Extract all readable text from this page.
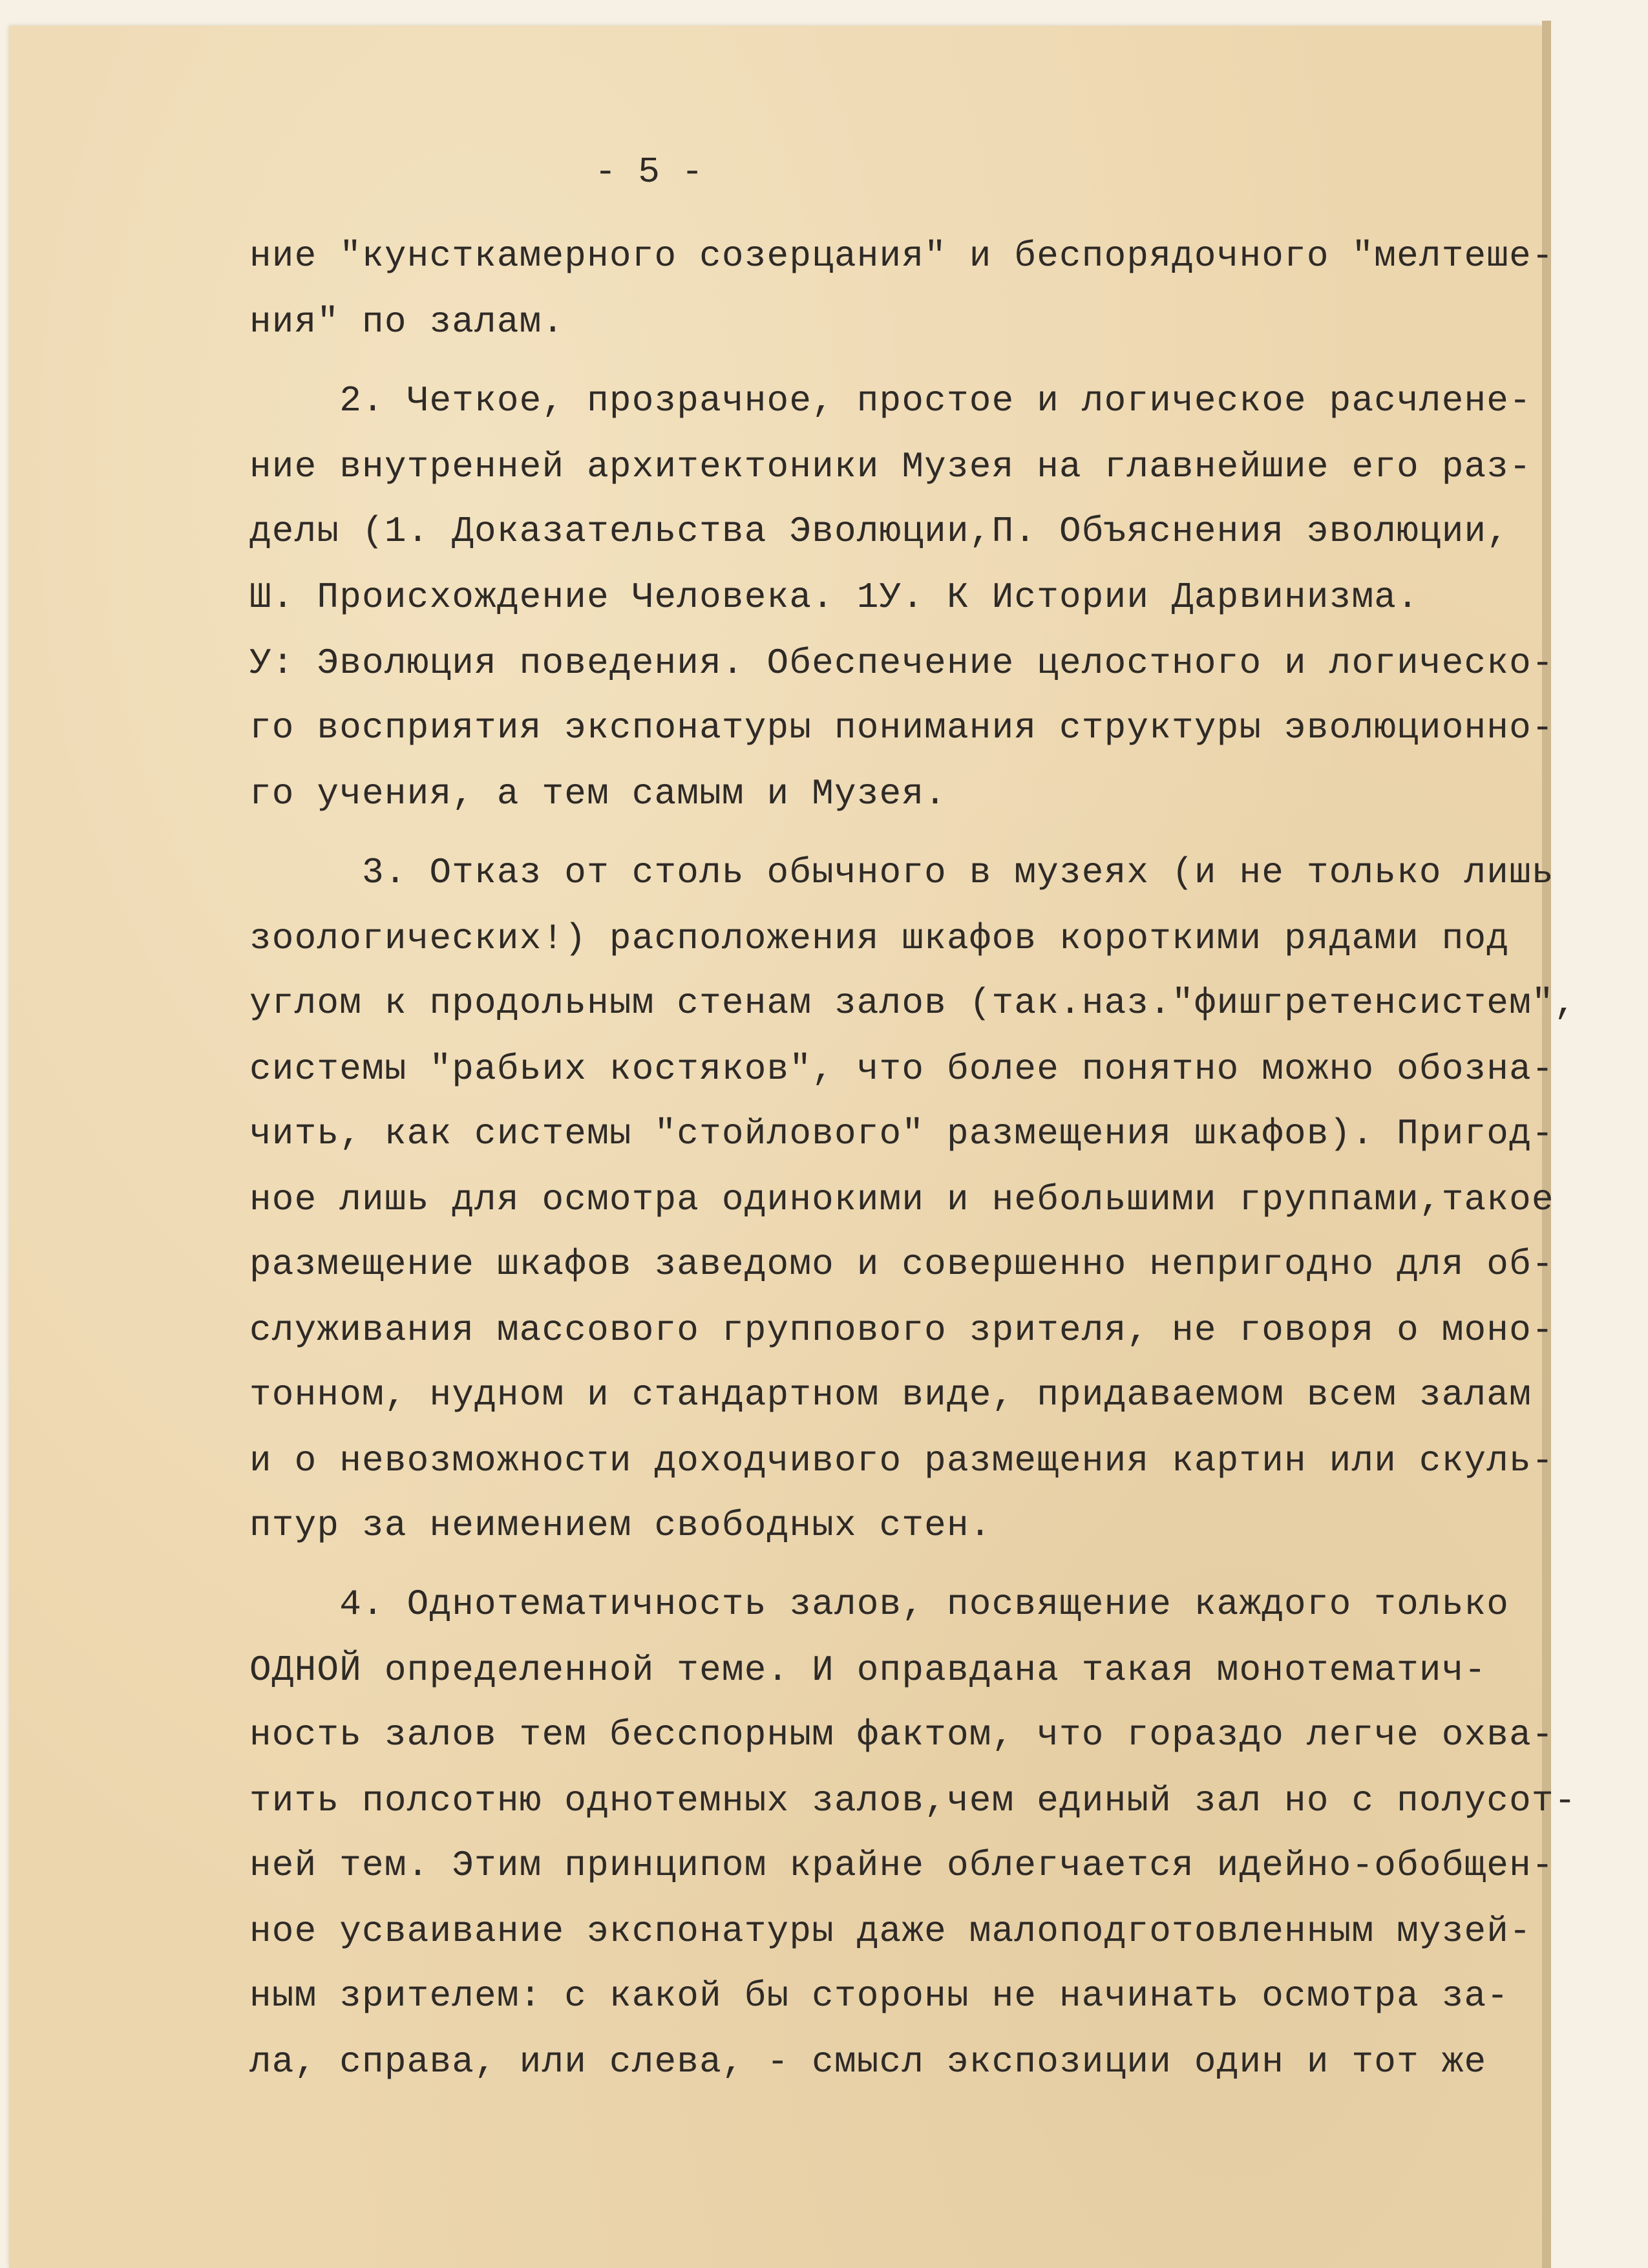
- 5 -
ние "кунсткамерного созерцания" и беспорядочного "мелтеше-
ния" по залам.
2. Четкое, прозрачное, простое и логическое расчлене-
ние внутренней архитектоники Музея на главнейшие его раз-
делы (1. Доказательства Эволюции,П. Объяснения эволюции,
Ш. Происхождение Человека. 1У. К Истории Дарвинизма.
У: Эволюция поведения. Обеспечение целостного и логическо-
го восприятия экспонатуры понимания структуры эволюционно-
го учения, а тем самым и Музея.
3. Отказ от столь обычного в музеях (и не только лишь
зоологических!) расположения шкафов короткими рядами под
углом к продольным стенам залов (так.наз."фишгретенсистем",
системы "рабьих костяков", что более понятно можно обозна-
чить, как системы "стойлового" размещения шкафов). Пригод-
ное лишь для осмотра одинокими и небольшими группами,такое
размещение шкафов заведомо и совершенно непригодно для об-
служивания массового группового зрителя, не говоря о моно-
тонном, нудном и стандартном виде, придаваемом всем залам
и о невозможности доходчивого размещения картин или скуль-
птур за неимением свободных стен.
4. Однотематичность залов, посвящение каждого только
ОДНОЙ определенной теме. И оправдана такая монотематич-
ность залов тем бесспорным фактом, что гораздо легче охва-
тить полсотню однотемных залов,чем единый зал но с полусот-
ней тем. Этим принципом крайне облегчается идейно-обобщен-
ное усваивание экспонатуры даже малоподготовленным музей-
ным зрителем: с какой бы стороны не начинать осмотра за-
ла, справа, или слева, - смысл экспозиции один и тот же
